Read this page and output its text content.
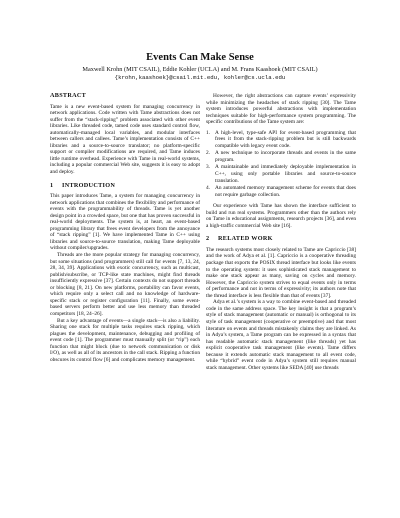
Events Can Make Sense
Maxwell Krohn (MIT CSAIL), Eddie Kohler (UCLA) and M. Frans Kaashoek (MIT CSAIL)
{krohn,kaashoek}@csail.mit.edu, kohler@cs.ucla.edu
ABSTRACT

Tame is a new event-based system for managing concurrency in network applications. Code written with Tame abstractions does not suffer from the “stack-ripping” problem associated with other event libraries. Like threaded code, tamed code uses standard control flow, automatically-managed local variables, and modular interfaces between callers and callees. Tame’s implementation consists of C++ libraries and a source-to-source translator; no platform-specific support or compiler modifications are required, and Tame induces little runtime overhead. Experience with Tame in real-world systems, including a popular commercial Web site, suggests it is easy to adopt and deploy.

1 INTRODUCTION

This paper introduces Tame, a system for managing concurrency in network applications that combines the flexibility and performance of events with the programmability of threads. Tame is yet another design point in a crowded space, but one that has proven successful in real-world deployments. The system is, at heart, an event-based programming library that frees event developers from the annoyance of “stack ripping” [1]. We have implemented Tame in C++ using libraries and source-to-source translation, making Tame deployable without compiler/upgrades.

Threads are the more popular strategy for managing concurrency, but some situations (and programmers) still call for events [7, 13, 24, 28, 34, 39]. Applications with exotic concurrency, such as multicast, publish/subscribe, or TCP-like state machines, might find threads insufficiently expressive [37]. Certain contexts do not support threads or blocking [8, 21]. On new platforms, portability can favor events, which require only a select call and no knowledge of hardware-specific stack or register configuration [11]. Finally, some event-based servers perform better and use less memory than threaded competitors [18, 24–26].

But a key advantage of events—a single stack—is also a liability. Sharing one stack for multiple tasks requires stack ripping, which plagues the development, maintenance, debugging and profiling of event code [1]. The programmer must manually split (or “rip”) each function that might block (due to network communication or disk I/O), as well as all of its ancestors in the call stack. Ripping a function obscures its control flow [6] and complicates memory management.

However, the right abstractions can capture events’ expressivity while minimizing the headaches of stack ripping [30]. The Tame system introduces powerful abstractions with implementation techniques suitable for high-performance system programming. The specific contributions of the Tame system are:

1. A high-level, type-safe API for event-based programming that frees it from the stack-ripping problem but is still backwards compatible with legacy event code.
2. A new technique to incorporate threads and events in the same program.
3. A maintainable and immediately deployable implementation in C++, using only portable libraries and source-to-source translation.
4. An automated memory management scheme for events that does not require garbage collection.

Our experience with Tame has shown the interface sufficient to build and run real systems. Programmers other than the authors rely on Tame in educational assignments, research projects [36], and even a high-traffic commercial Web site [16].

2 RELATED WORK

The research systems most closely related to Tame are Capriccio [38] and the work of Adya et al. [1]. Capriccio is a cooperative threading package that exports the POSIX thread interface but looks like events to the operating system: it uses sophisticated stack management to make one stack appear as many, saving on cycles and memory. However, the Capriccio system strives to equal events only in terms of performance and not in terms of expressivity; its authors note that the thread interface is less flexible than that of events [37].

Adya et al.’s system is a way to combine event-based and threaded code in the same address space. The key insight is that a program’s style of stack management (automatic or manual) is orthogonal to its style of task management (cooperative or preemptive) and that most literature on events and threads mistakenly claims they are linked. As in Adya’s system, a Tame program can be expressed in a syntax that has readable automatic stack management (like threads) yet has explicit cooperative task management (like events). Tame differs because it extends automatic stack management to all event code, while “hybrid” event code in Adya’s system still requires manual stack management. Other systems like SEDA [40] use threads
